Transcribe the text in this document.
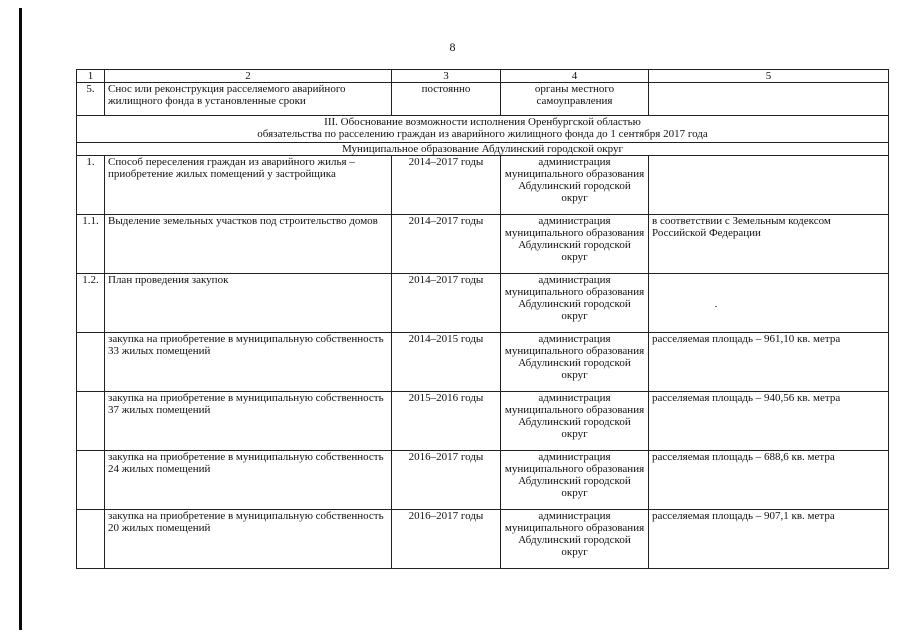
8
1	2	3	4	5
5.	Снос или реконструкция расселяемого аварийного жилищного фонда в установленные сроки	постоянно	органы местного самоуправления	

III. Обоснование возможности исполнения Оренбургской областью
обязательства по расселению граждан из аварийного жилищного фонда до 1 сентября 2017 года				

Муниципальное образование Абдулинский городской округ				
1.	Способ переселения граждан из аварийного жилья – приобретение жилых помещений у застройщика	2014–2017 годы	администрация муниципального образования Абдулинский городской округ	
1.1.	Выделение земельных участков под строительство домов	2014–2017 годы	администрация муниципального образования Абдулинский городской округ	в соответствии с Земельным кодексом Российской Федерации
1.2.	План проведения закупок	2014–2017 годы	администрация муниципального образования Абдулинский городской округ	
	закупка на приобретение в муниципальную собственность 33 жилых помещений	2014–2015 годы	администрация муниципального образования Абдулинский городской округ	расселяемая площадь – 961,10 кв. метра
	закупка на приобретение в муниципальную собственность 37 жилых помещений	2015–2016 годы	администрация муниципального образования Абдулинский городской округ	расселяемая площадь – 940,56 кв. метра
	закупка на приобретение в муниципальную собственность 24 жилых помещений	2016–2017 годы	администрация муниципального образования Абдулинский городской округ	расселяемая площадь – 688,6 кв. метра
	закупка на приобретение в муниципальную собственность 20 жилых помещений	2016–2017 годы	администрация муниципального образования Абдулинский городской округ	расселяемая площадь – 907,1 кв. метра
